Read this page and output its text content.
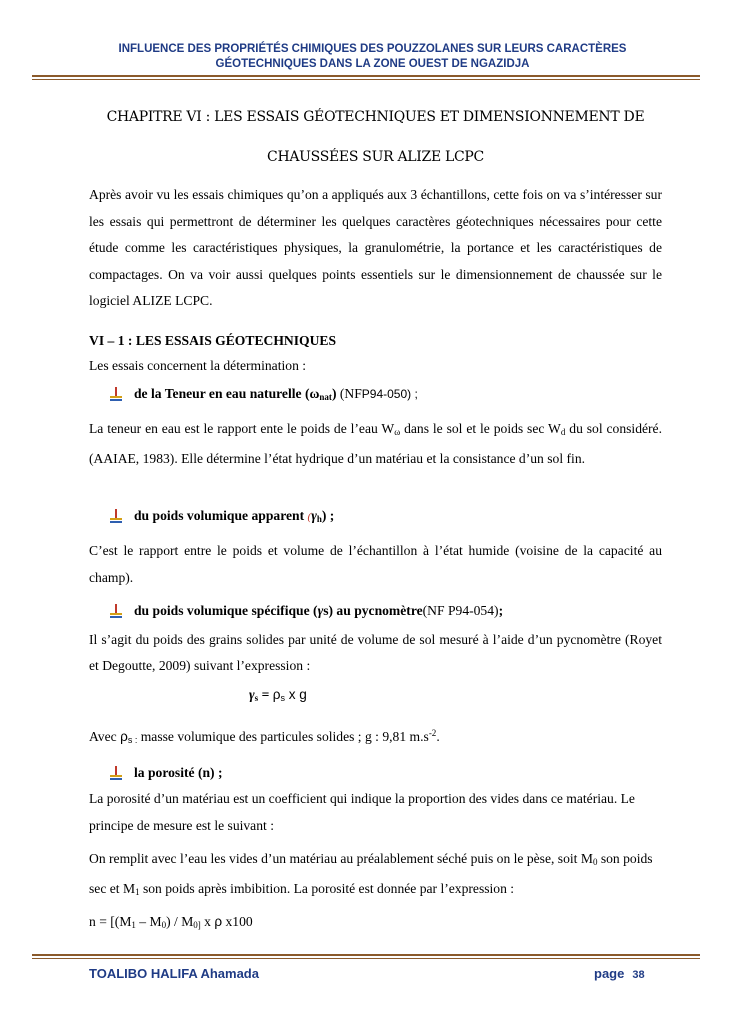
INFLUENCE DES PROPRIÉTÉS CHIMIQUES DES POUZZOLANES SUR LEURS CARACTÈRES
GÉOTECHNIQUES DANS LA ZONE OUEST DE NGAZIDJA
CHAPITRE VI : LES ESSAIS GÉOTECHNIQUES ET DIMENSIONNEMENT DE
CHAUSSÉES SUR ALIZE LCPC
Après avoir vu les essais chimiques qu’on a appliqués aux 3 échantillons, cette fois on va s’intéresser sur les essais qui permettront de déterminer les quelques caractères géotechniques nécessaires pour cette étude comme les caractéristiques physiques, la granulométrie, la portance et les caractéristiques de compactages. On va voir aussi quelques points essentiels sur le dimensionnement de chaussée sur le logiciel ALIZE LCPC.
VI – 1 : LES ESSAIS GÉOTECHNIQUES
Les essais concernent la détermination :
de la Teneur en eau naturelle $(\omega_{nat})$
(NF P94-050) ;
La teneur en eau est le rapport ente le poids de l’eau $W_\omega$ dans le sol et le poids $\sec W_d$ du sol considéré. (AAIAE, 1983). Elle détermine l’état hydrique d’un matériau et la consistance d’un sol fin.
du poids volumique apparent $(\gamma_h)$ ;
C’est le rapport entre le poids et volume de l’échantillon à l’état humide (voisine de la capacité au champ).
du poids volumique spécifique (γs) au pycnomètre (NF P94-054) ;
Il s’agit du poids des grains solides par unité de volume de sol mesuré à l’aide d’un pycnomètre (Royet et Degoutte, 2009) suivant l’expression :
$\gamma_s = \rho_s$ x g
Avec $\rho_{s :}$ masse volumique des particules solides ; g : 9,81 $m.s^{-2}$.
la porosité (n) ;
La porosité d’un matériau est un coefficient qui indique la proportion des vides dans ce matériau. Le principe de mesure est le suivant :
On remplit avec l’eau les vides d’un matériau au préalablement séché puis on le pèse, soit $M_0$ son poids sec et $M_1$ son poids après imbibition. La porosité est donnée par l’expression :
$n = [(M_1 - M_0) / M_{0]}$ x ρ x100
TOALIBO HALIFA Ahamada	page 38
